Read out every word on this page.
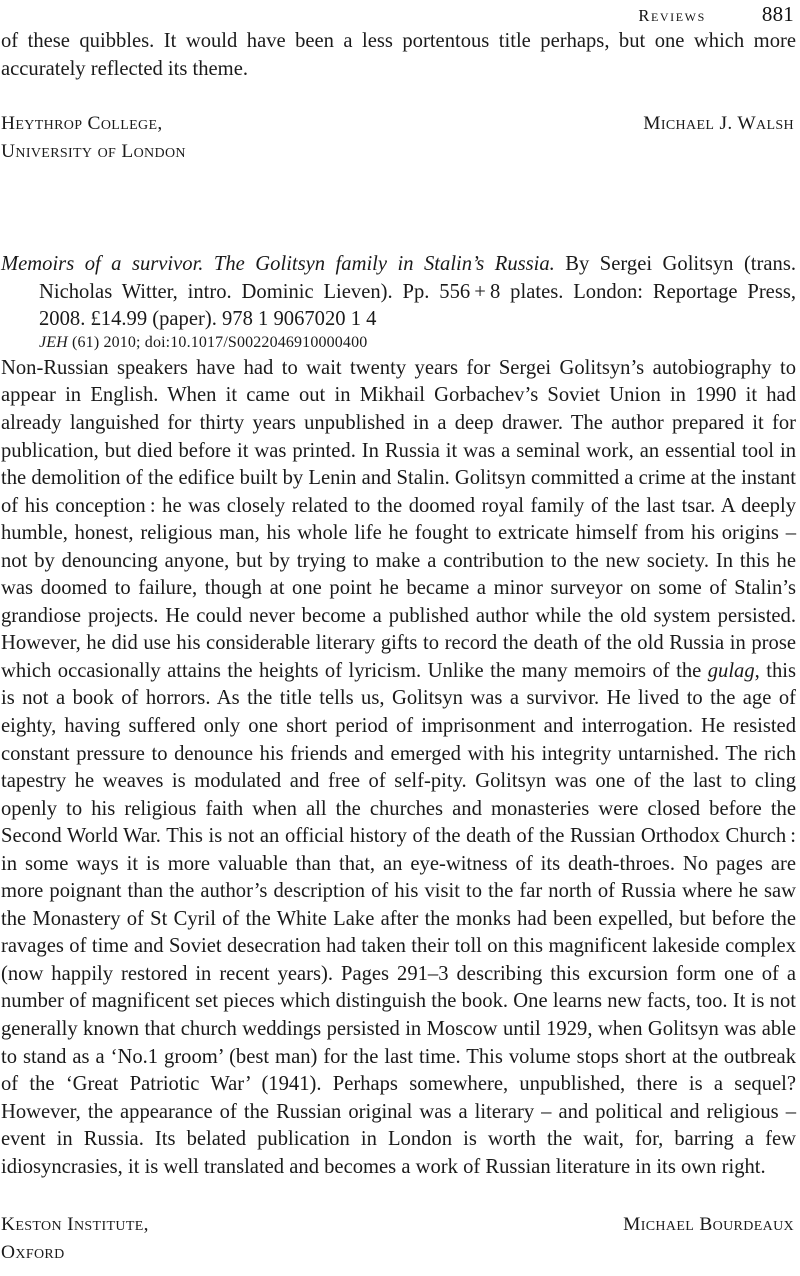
Reviews	881

of these quibbles. It would have been a less portentous title perhaps, but one which more accurately reflected its theme.

Heythrop College,	Michael J. Walsh
University of London

Memoirs of a survivor. The Golitsyn family in Stalin’s Russia. By Sergei Golitsyn (trans. Nicholas Witter, intro. Dominic Lieven). Pp. 556 + 8 plates. London: Reportage Press, 2008. £14.99 (paper). 978 1 9067020 1 4

JEH (61) 2010; doi:10.1017/S0022046910000400

Non-Russian speakers have had to wait twenty years for Sergei Golitsyn’s autobiography to appear in English. When it came out in Mikhail Gorbachev’s Soviet Union in 1990 it had already languished for thirty years unpublished in a deep drawer. The author prepared it for publication, but died before it was printed. In Russia it was a seminal work, an essential tool in the demolition of the edifice built by Lenin and Stalin. Golitsyn committed a crime at the instant of his conception : he was closely related to the doomed royal family of the last tsar. A deeply humble, honest, religious man, his whole life he fought to extricate himself from his origins – not by denouncing anyone, but by trying to make a contribution to the new society. In this he was doomed to failure, though at one point he became a minor surveyor on some of Stalin’s grandiose projects. He could never become a published author while the old system persisted. However, he did use his considerable literary gifts to record the death of the old Russia in prose which occasionally attains the heights of lyricism. Unlike the many memoirs of the gulag, this is not a book of horrors. As the title tells us, Golitsyn was a survivor. He lived to the age of eighty, having suffered only one short period of imprisonment and interrogation. He resisted constant pressure to denounce his friends and emerged with his integrity untarnished. The rich tapestry he weaves is modulated and free of self-pity. Golitsyn was one of the last to cling openly to his religious faith when all the churches and monasteries were closed before the Second World War. This is not an official history of the death of the Russian Orthodox Church : in some ways it is more valuable than that, an eye-witness of its death-throes. No pages are more poignant than the author’s description of his visit to the far north of Russia where he saw the Monastery of St Cyril of the White Lake after the monks had been expelled, but before the ravages of time and Soviet desecration had taken their toll on this magnificent lakeside complex (now happily restored in recent years). Pages 291–3 describing this excursion form one of a number of magnificent set pieces which distinguish the book. One learns new facts, too. It is not generally known that church weddings persisted in Moscow until 1929, when Golitsyn was able to stand as a ‘No.1 groom’ (best man) for the last time. This volume stops short at the outbreak of the ‘Great Patriotic War’ (1941). Perhaps somewhere, unpublished, there is a sequel? However, the appearance of the Russian original was a literary – and political and religious – event in Russia. Its belated publication in London is worth the wait, for, barring a few idiosyncrasies, it is well translated and becomes a work of Russian literature in its own right.

Keston Institute,	Michael Bourdeaux
Oxford
